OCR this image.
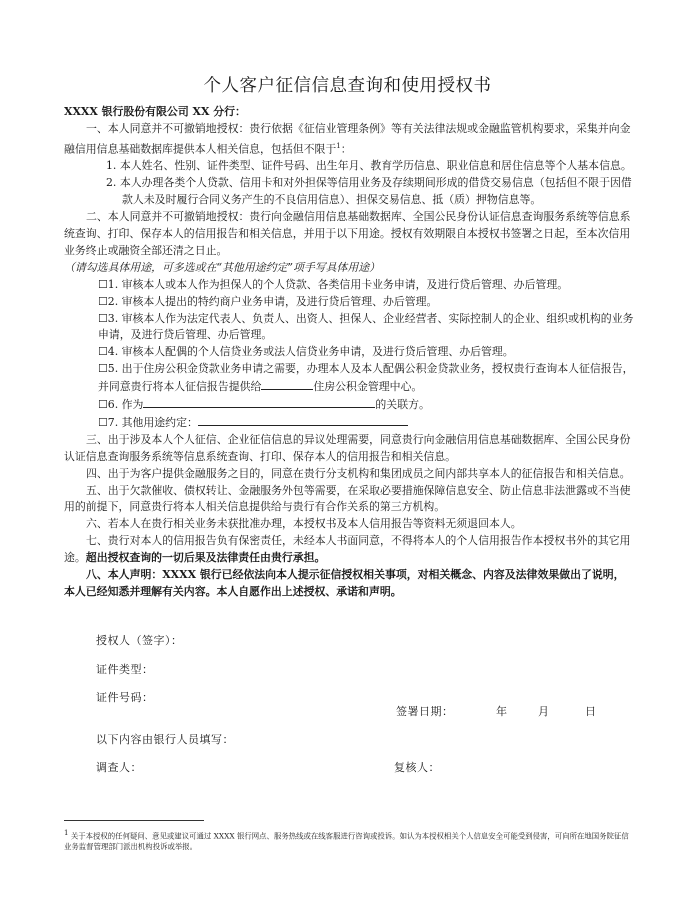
个人客户征信信息查询和使用授权书

XXXX 银行股份有限公司 XX 分行：

一、本人同意并不可撤销地授权：贵行依据《征信业管理条例》等有关法律法规或金融监管机构要求，采集并向金融信用信息基础数据库提供本人相关信息，包括但不限于$^1$：

1. 本人姓名、性别、证件类型、证件号码、出生年月、教育学历信息、职业信息和居住信息等个人基本信息。

2. 本人办理各类个人贷款、信用卡和对外担保等信用业务及存续期间形成的借贷交易信息（包括但不限于因借款人未及时履行合同义务产生的不良信用信息）、担保交易信息、抵（质）押物信息等。

二、本人同意并不可撤销地授权：贵行向金融信用信息基础数据库、全国公民身份认证信息查询服务系统等信息系统查询、打印、保存本人的信用报告和相关信息，并用于以下用途。授权有效期限自本授权书签署之日起，至本次信用业务终止或融资全部还清之日止。

（请勾选具体用途，可多选或在“其他用途约定”项手写具体用途）

☐1. 审核本人或本人作为担保人的个人贷款、各类信用卡业务申请，及进行贷后管理、办后管理。

☐2. 审核本人提出的特约商户业务申请，及进行贷后管理、办后管理。

☐3. 审核本人作为法定代表人、负责人、出资人、担保人、企业经营者、实际控制人的企业、组织或机构的业务申请，及进行贷后管理、办后管理。

☐4. 审核本人配偶的个人信贷业务或法人信贷业务申请，及进行贷后管理、办后管理。

☐5. 出于住房公积金贷款业务申请之需要，办理本人及本人配偶公积金贷款业务，授权贵行查询本人征信报告，并同意贵行将本人征信报告提供给	住房公积金管理中心。

☐6. 作为	的关联方。

☐7. 其他用途约定：

三、出于涉及本人个人征信、企业征信信息的异议处理需要，同意贵行向金融信用信息基础数据库、全国公民身份认证信息查询服务系统等信息系统查询、打印、保存本人的信用报告和相关信息。

四、出于为客户提供金融服务之目的，同意在贵行分支机构和集团成员之间内部共享本人的征信报告和相关信息。

五、出于欠款催收、债权转让、金融服务外包等需要，在采取必要措施保障信息安全、防止信息非法泄露或不当使用的前提下，同意贵行将本人相关信息提供给与贵行有合作关系的第三方机构。

六、若本人在贵行相关业务未获批准办理，本授权书及本人信用报告等资料无须退回本人。

七、贵行对本人的信用报告负有保密责任，未经本人书面同意，不得将本人的个人信用报告作本授权书外的其它用途。超出授权查询的一切后果及法律责任由贵行承担。

八、本人声明：XXXX 银行已经依法向本人提示征信授权相关事项，对相关概念、内容及法律效果做出了说明，本人已经知悉并理解有关内容。本人自愿作出上述授权、承诺和声明。

授权人（签字）：
证件类型：
证件号码：
签署日期：	年	月	日
以下内容由银行人员填写：
调查人：	复核人：
$^1$ 关于本授权的任何疑问、意见或建议可通过 XXXX 银行网点、服务热线或在线客服进行咨询或投诉。如认为本授权相关个人信息安全可能受到侵害，可向所在地国务院征信业务监督管理部门派出机构投诉或举报。
